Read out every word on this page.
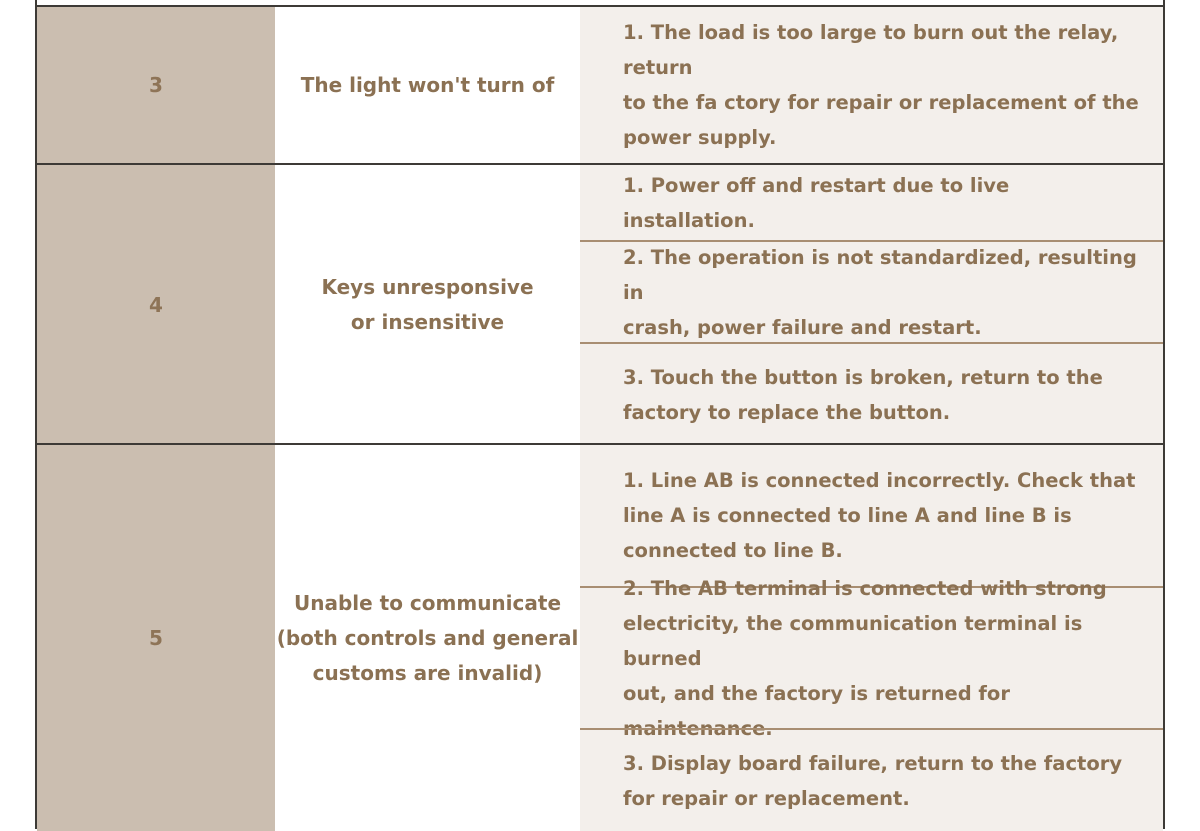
3	The light won't turn of
1. The load is too large to burn out the relay, return
to the fa ctory for repair or replacement of the
power supply.
4
Keys unresponsive
or insensitive
1. Power off and restart due to live installation.
2. The operation is not standardized, resulting in
crash, power failure and restart.
3. Touch the button is broken, return to the
factory to replace the button.
5
Unable to communicate
(both controls and general
customs are invalid)
1. Line AB is connected incorrectly. Check that
line A is connected to line A and line B is
connected to line B.
2. The AB terminal is connected with strong
electricity, the communication terminal is burned
out, and the factory is returned for maintenance.
3. Display board failure, return to the factory
for repair or replacement.
